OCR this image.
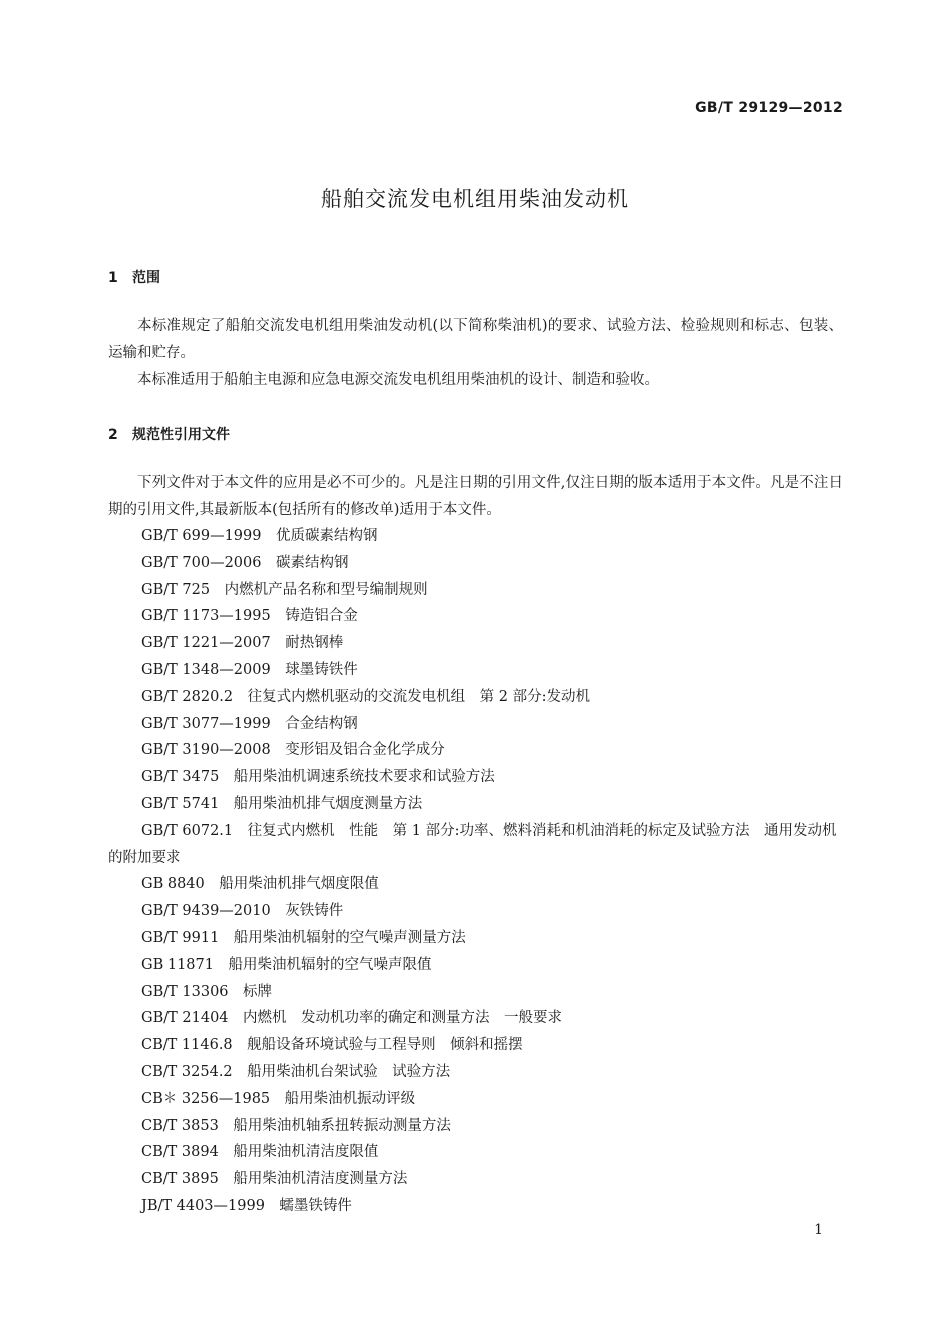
GB/T 29129—2012
船舶交流发电机组用柴油发动机
1 范围
本标准规定了船舶交流发电机组用柴油发动机(以下简称柴油机)的要求、试验方法、检验规则和标志、包装、运输和贮存。
本标准适用于船舶主电源和应急电源交流发电机组用柴油机的设计、制造和验收。
2 规范性引用文件
下列文件对于本文件的应用是必不可少的。凡是注日期的引用文件,仅注日期的版本适用于本文件。凡是不注日期的引用文件,其最新版本(包括所有的修改单)适用于本文件。
GB/T 699—1999　优质碳素结构钢
GB/T 700—2006　碳素结构钢
GB/T 725　内燃机产品名称和型号编制规则
GB/T 1173—1995　铸造铝合金
GB/T 1221—2007　耐热钢棒
GB/T 1348—2009　球墨铸铁件
GB/T 2820.2　往复式内燃机驱动的交流发电机组　第 2 部分:发动机
GB/T 3077—1999　合金结构钢
GB/T 3190—2008　变形铝及铝合金化学成分
GB/T 3475　船用柴油机调速系统技术要求和试验方法
GB/T 5741　船用柴油机排气烟度测量方法
GB/T 6072.1　往复式内燃机　性能　第 1 部分:功率、燃料消耗和机油消耗的标定及试验方法　通用发动机的附加要求
GB 8840　船用柴油机排气烟度限值
GB/T 9439—2010　灰铁铸件
GB/T 9911　船用柴油机辐射的空气噪声测量方法
GB 11871　船用柴油机辐射的空气噪声限值
GB/T 13306　标牌
GB/T 21404　内燃机　发动机功率的确定和测量方法　一般要求
CB/T 1146.8　舰船设备环境试验与工程导则　倾斜和摇摆
CB/T 3254.2　船用柴油机台架试验　试验方法
CB＊ 3256—1985　船用柴油机振动评级
CB/T 3853　船用柴油机轴系扭转振动测量方法
CB/T 3894　船用柴油机清洁度限值
CB/T 3895　船用柴油机清洁度测量方法
JB/T 4403—1999　蠕墨铁铸件
1
